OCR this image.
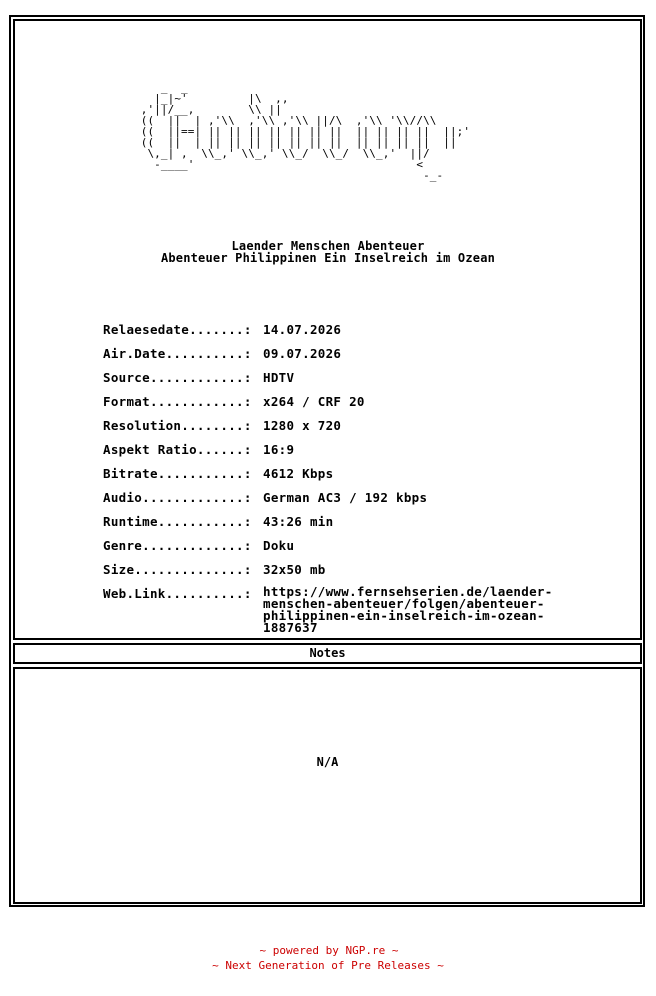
Notes
N/A
_  _
|_|~'         |\  ,,
,'||/__,        \\ ||
((  ||  | ,'\\  ,'\\ ,'\\ ||/\  ,'\\ '\\//\\
((  ||==| || || || || || || ||  || || || ||  ||;'
((  ||  | || || || || || || ||  || || || ||  ||
\,_| ,  \\_,' \\_,' \\_/  \\_/  \\_,'  ||/
-____'                                 <
-_-
Laender Menschen Abenteuer
Abenteuer Philippinen Ein Inselreich im Ozean
Relaesedate.......: 14.07.2026
Air.Date..........: 09.07.2026
Source............: HDTV
Format............: x264 / CRF 20
Resolution........: 1280 x 720
Aspekt Ratio......: 16:9
Bitrate...........: 4612 Kbps
Audio.............: German AC3 / 192 kbps
Runtime...........: 43:26 min
Genre.............: Doku
Size..............: 32x50 mb
Web.Link..........: https://www.fernsehserien.de/laender-
menschen-abenteuer/folgen/abenteuer-
philippinen-ein-inselreich-im-ozean-
1887637
~ powered by NGP.re ~
~ Next Generation of Pre Releases ~
